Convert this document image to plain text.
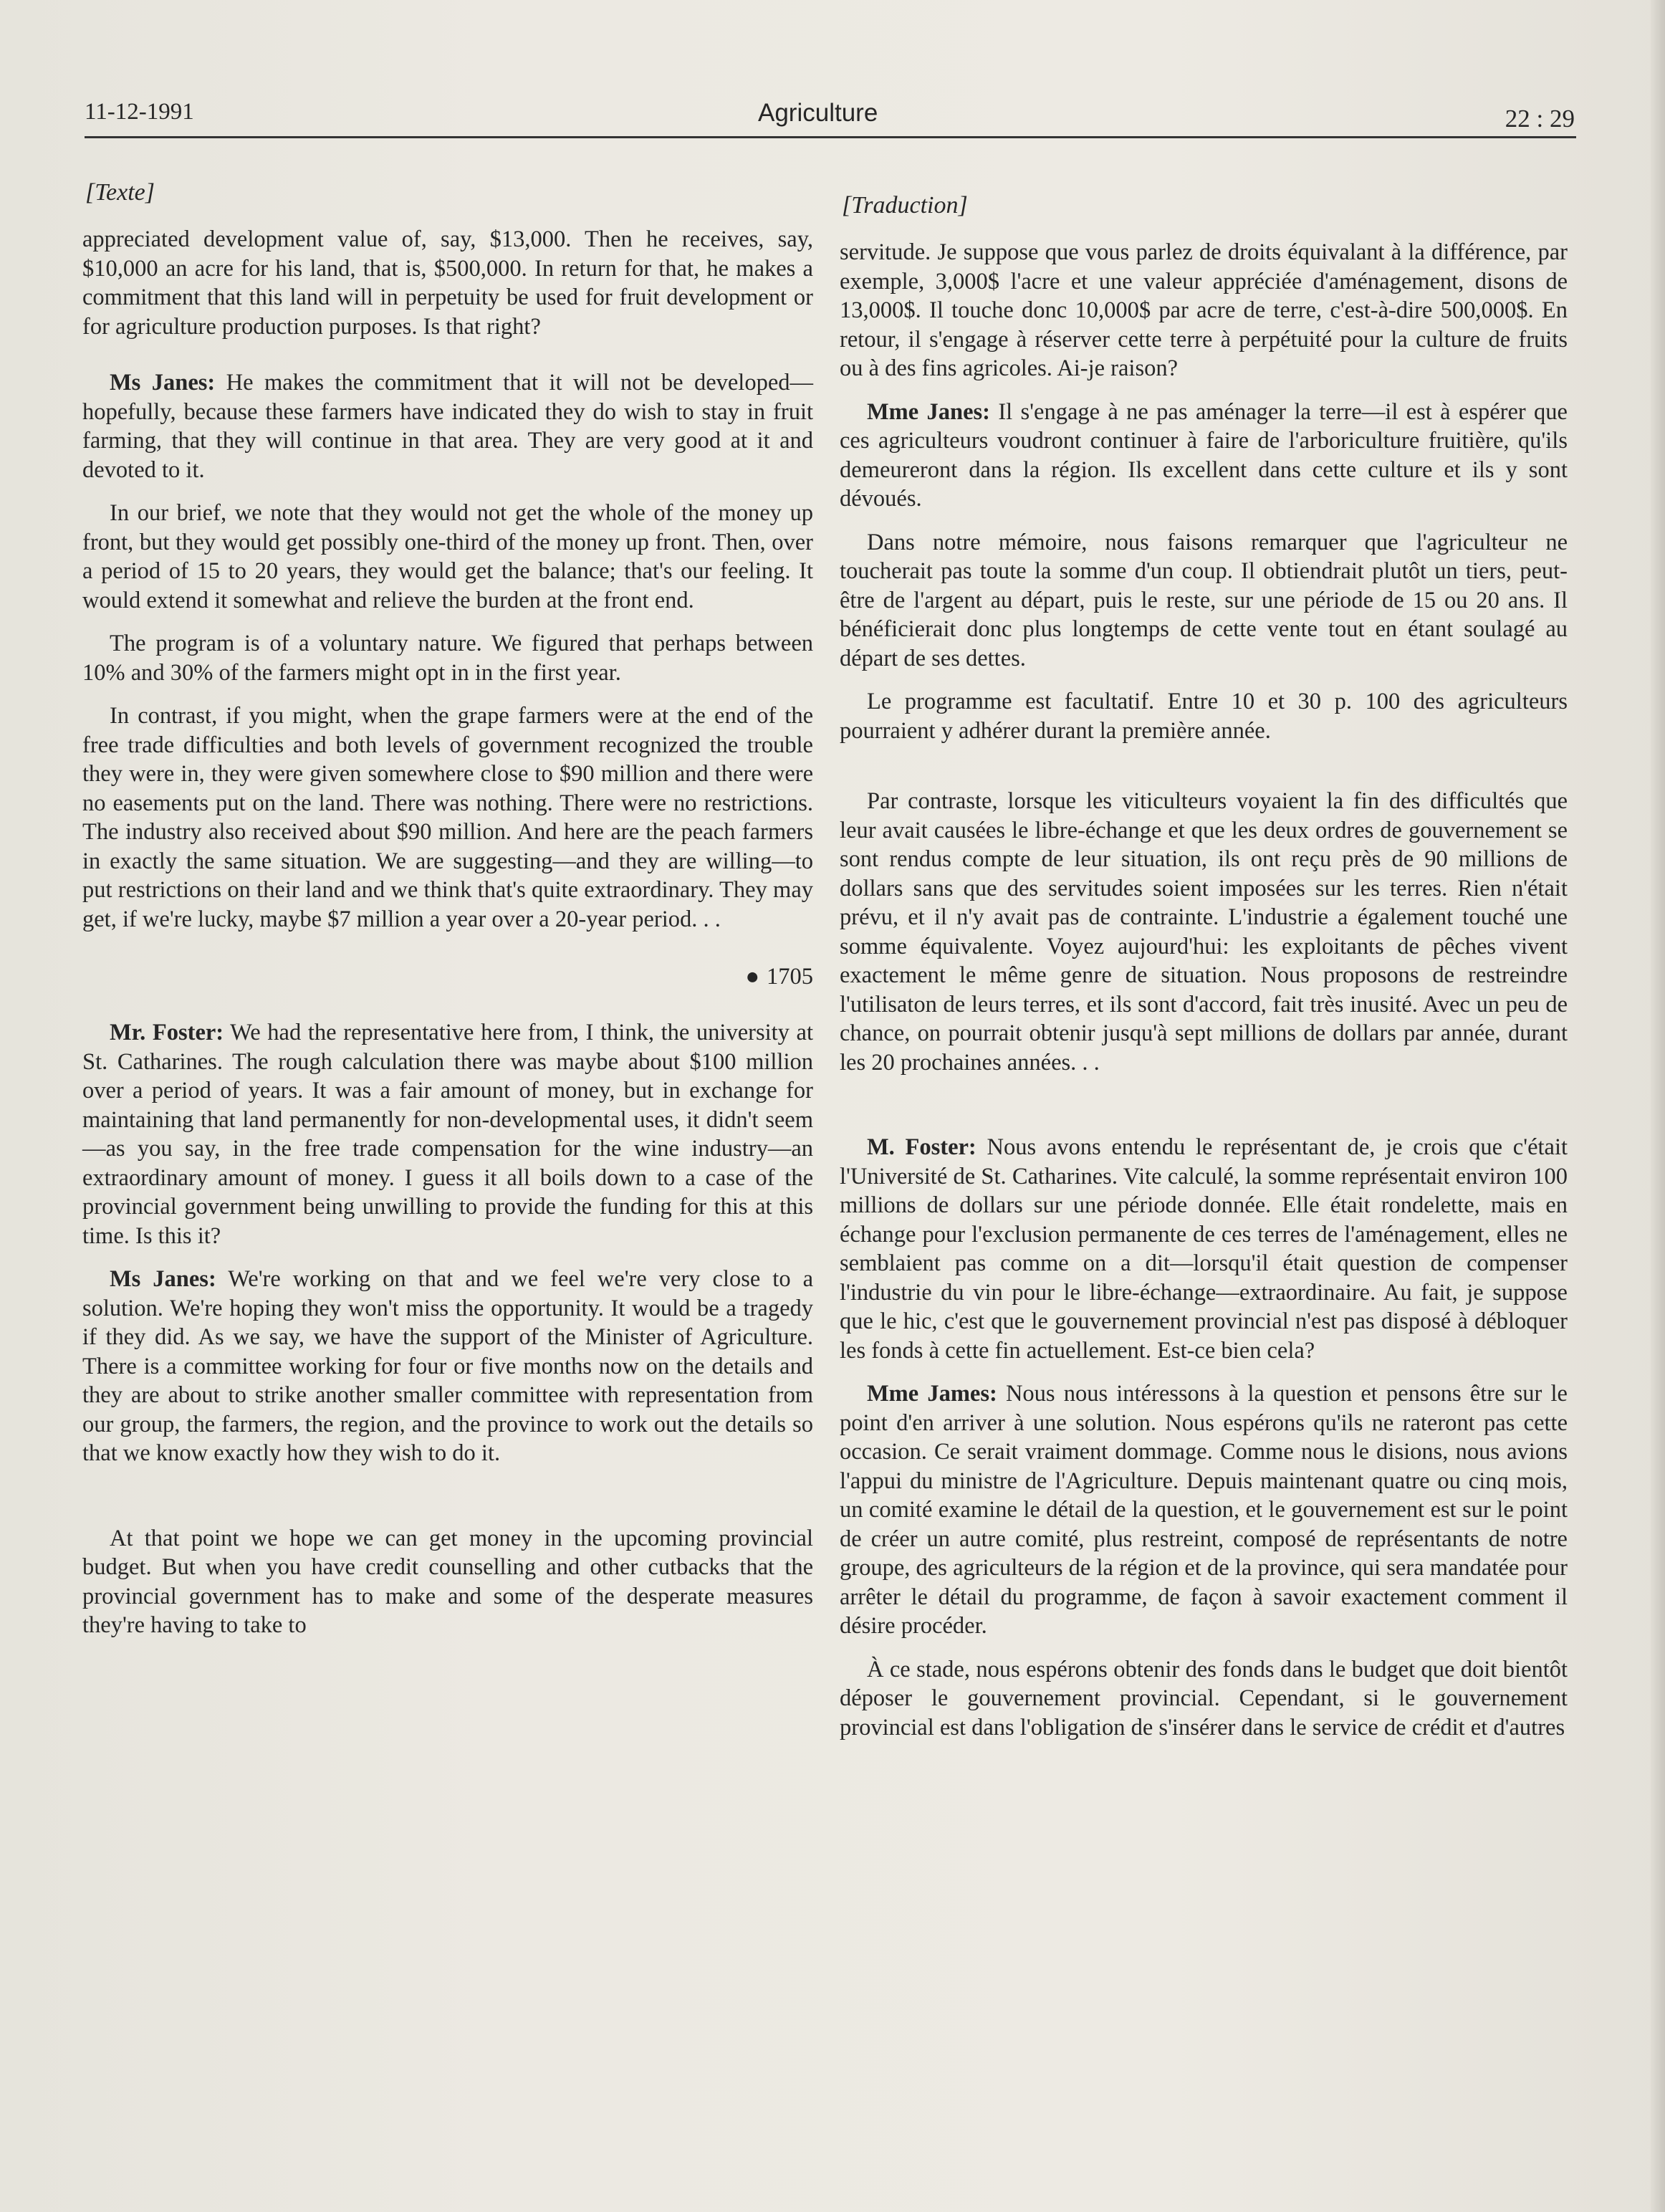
11-12-1991	Agriculture	22 : 29
[Texte]

appreciated development value of, say, $13,000. Then he receives, say, $10,000 an acre for his land, that is, $500,000. In return for that, he makes a commitment that this land will in perpetuity be used for fruit development or for agriculture production purposes. Is that right?

Ms Janes: He makes the commitment that it will not be developed—hopefully, because these farmers have indicated they do wish to stay in fruit farming, that they will continue in that area. They are very good at it and devoted to it.

In our brief, we note that they would not get the whole of the money up front, but they would get possibly one-third of the money up front. Then, over a period of 15 to 20 years, they would get the balance; that's our feeling. It would extend it somewhat and relieve the burden at the front end.

The program is of a voluntary nature. We figured that perhaps between 10% and 30% of the farmers might opt in in the first year.

In contrast, if you might, when the grape farmers were at the end of the free trade difficulties and both levels of government recognized the trouble they were in, they were given somewhere close to $90 million and there were no easements put on the land. There was nothing. There were no restrictions. The industry also received about $90 million. And here are the peach farmers in exactly the same situation. We are suggesting—and they are willing—to put restrictions on their land and we think that's quite extraordinary. They may get, if we're lucky, maybe $7 million a year over a 20-year period. . .

● 1705

Mr. Foster: We had the representative here from, I think, the university at St. Catharines. The rough calculation there was maybe about $100 million over a period of years. It was a fair amount of money, but in exchange for maintaining that land permanently for non-developmental uses, it didn't seem—as you say, in the free trade compensation for the wine industry—an extraordinary amount of money. I guess it all boils down to a case of the provincial government being unwilling to provide the funding for this at this time. Is this it?

Ms Janes: We're working on that and we feel we're very close to a solution. We're hoping they won't miss the opportunity. It would be a tragedy if they did. As we say, we have the support of the Minister of Agriculture. There is a committee working for four or five months now on the details and they are about to strike another smaller committee with representation from our group, the farmers, the region, and the province to work out the details so that we know exactly how they wish to do it.

At that point we hope we can get money in the upcoming provincial budget. But when you have credit counselling and other cutbacks that the provincial government has to make and some of the desperate measures they're having to take to

[Traduction]

servitude. Je suppose que vous parlez de droits équivalant à la différence, par exemple, 3,000$ l'acre et une valeur appréciée d'aménagement, disons de 13,000$. Il touche donc 10,000$ par acre de terre, c'est-à-dire 500,000$. En retour, il s'engage à réserver cette terre à perpétuité pour la culture de fruits ou à des fins agricoles. Ai-je raison?

Mme Janes: Il s'engage à ne pas aménager la terre—il est à espérer que ces agriculteurs voudront continuer à faire de l'arboriculture fruitière, qu'ils demeureront dans la région. Ils excellent dans cette culture et ils y sont dévoués.

Dans notre mémoire, nous faisons remarquer que l'agriculteur ne toucherait pas toute la somme d'un coup. Il obtiendrait plutôt un tiers, peut-être de l'argent au départ, puis le reste, sur une période de 15 ou 20 ans. Il bénéficierait donc plus longtemps de cette vente tout en étant soulagé au départ de ses dettes.

Le programme est facultatif. Entre 10 et 30 p. 100 des agriculteurs pourraient y adhérer durant la première année.

Par contraste, lorsque les viticulteurs voyaient la fin des difficultés que leur avait causées le libre-échange et que les deux ordres de gouvernement se sont rendus compte de leur situation, ils ont reçu près de 90 millions de dollars sans que des servitudes soient imposées sur les terres. Rien n'était prévu, et il n'y avait pas de contrainte. L'industrie a également touché une somme équivalente. Voyez aujourd'hui: les exploitants de pêches vivent exactement le même genre de situation. Nous proposons de restreindre l'utilisaton de leurs terres, et ils sont d'accord, fait très inusité. Avec un peu de chance, on pourrait obtenir jusqu'à sept millions de dollars par année, durant les 20 prochaines années. . .

M. Foster: Nous avons entendu le représentant de, je crois que c'était l'Université de St. Catharines. Vite calculé, la somme représentait environ 100 millions de dollars sur une période donnée. Elle était rondelette, mais en échange pour l'exclusion permanente de ces terres de l'aménagement, elles ne semblaient pas comme on a dit—lorsqu'il était question de compenser l'industrie du vin pour le libre-échange—extraordinaire. Au fait, je suppose que le hic, c'est que le gouvernement provincial n'est pas disposé à débloquer les fonds à cette fin actuellement. Est-ce bien cela?

Mme James: Nous nous intéressons à la question et pensons être sur le point d'en arriver à une solution. Nous espérons qu'ils ne rateront pas cette occasion. Ce serait vraiment dommage. Comme nous le disions, nous avions l'appui du ministre de l'Agriculture. Depuis maintenant quatre ou cinq mois, un comité examine le détail de la question, et le gouvernement est sur le point de créer un autre comité, plus restreint, composé de représentants de notre groupe, des agriculteurs de la région et de la province, qui sera mandatée pour arrêter le détail du programme, de façon à savoir exactement comment il désire procéder.

À ce stade, nous espérons obtenir des fonds dans le budget que doit bientôt déposer le gouvernement provincial. Cependant, si le gouvernement provincial est dans l'obligation de s'insérer dans le service de crédit et d'autres
